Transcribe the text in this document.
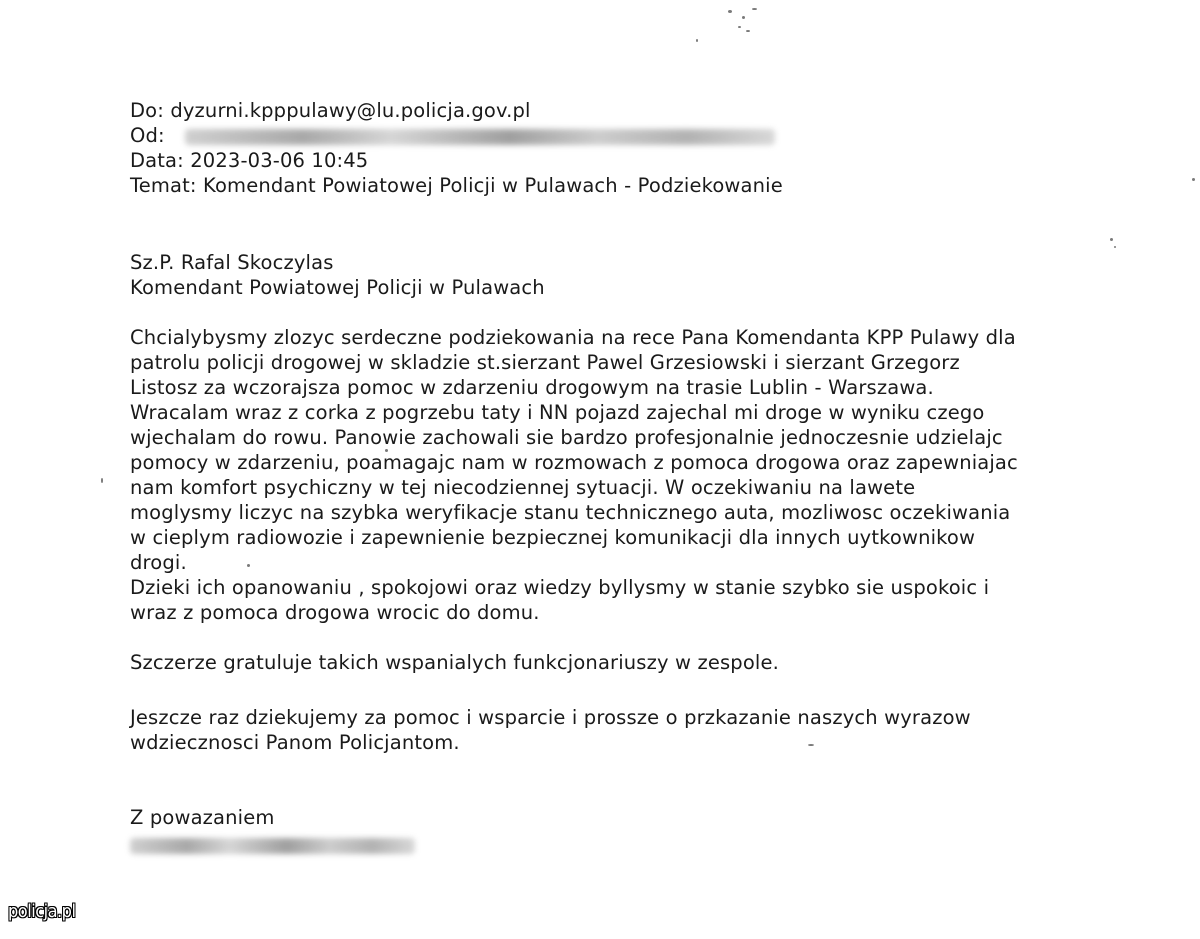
Do: dyzurni.kpppulawy@lu.policja.gov.pl
Od:
Data: 2023-03-06 10:45
Temat: Komendant Powiatowej Policji w Pulawach - Podziekowanie
Sz.P. Rafal Skoczylas
Komendant Powiatowej Policji w Pulawach
Chcialybysmy zlozyc serdeczne podziekowania na rece Pana Komendanta KPP Pulawy dla
patrolu policji drogowej w skladzie st.sierzant Pawel Grzesiowski i sierzant Grzegorz
Listosz za wczorajsza pomoc w zdarzeniu drogowym na trasie Lublin - Warszawa.
Wracalam wraz z corka z pogrzebu taty i NN pojazd zajechal mi droge w wyniku czego
wjechalam do rowu. Panowie zachowali sie bardzo profesjonalnie jednoczesnie udzielajc
pomocy w zdarzeniu, poamagajc nam w rozmowach z pomoca drogowa oraz zapewniajac
nam komfort psychiczny w tej niecodziennej sytuacji. W oczekiwaniu na lawete
moglysmy liczyc na szybka weryfikacje stanu technicznego auta, mozliwosc oczekiwania
w cieplym radiowozie i zapewnienie bezpiecznej komunikacji dla innych uytkownikow
drogi.
Dzieki ich opanowaniu , spokojowi oraz wiedzy byllysmy w stanie szybko sie uspokoic i
wraz z pomoca drogowa wrocic do domu.
Szczerze gratuluje takich wspanialych funkcjonariuszy w zespole.
Jeszcze raz dziekujemy za pomoc i wsparcie i prossze o przkazanie naszych wyrazow
wdziecznosci Panom Policjantom.
Z powazaniem
policja.pl
